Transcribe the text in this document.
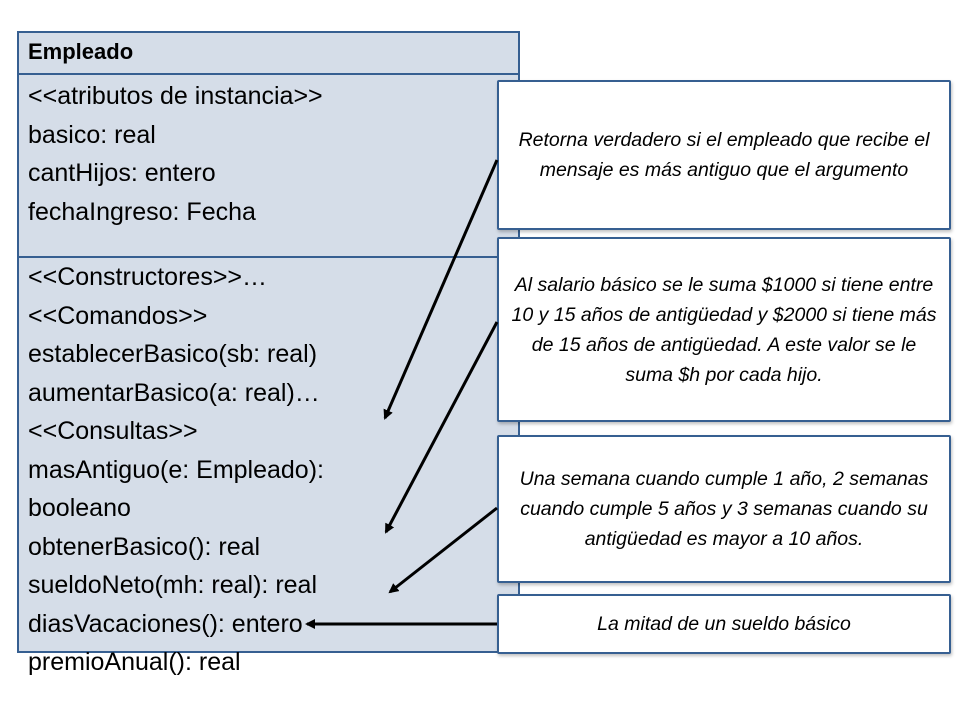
Empleado
<<atributos de instancia>>
basico: real
cantHijos: entero
fechaIngreso: Fecha
<<Constructores>>…
<<Comandos>>
establecerBasico(sb: real)
aumentarBasico(a: real)…
<<Consultas>>
masAntiguo(e: Empleado):
booleano
obtenerBasico(): real
sueldoNeto(mh: real): real
diasVacaciones(): entero
premioAnual(): real
Retorna verdadero si el empleado que recibe el mensaje es más antiguo que el argumento
Al salario básico se le suma $1000 si tiene entre 10 y 15 años de antigüedad y $2000 si tiene más de 15 años de antigüedad. A este valor se le suma $h por cada hijo.
Una semana cuando cumple 1 año, 2 semanas cuando cumple 5 años y 3 semanas cuando su antigüedad es mayor a 10 años.
La mitad de un sueldo básico
